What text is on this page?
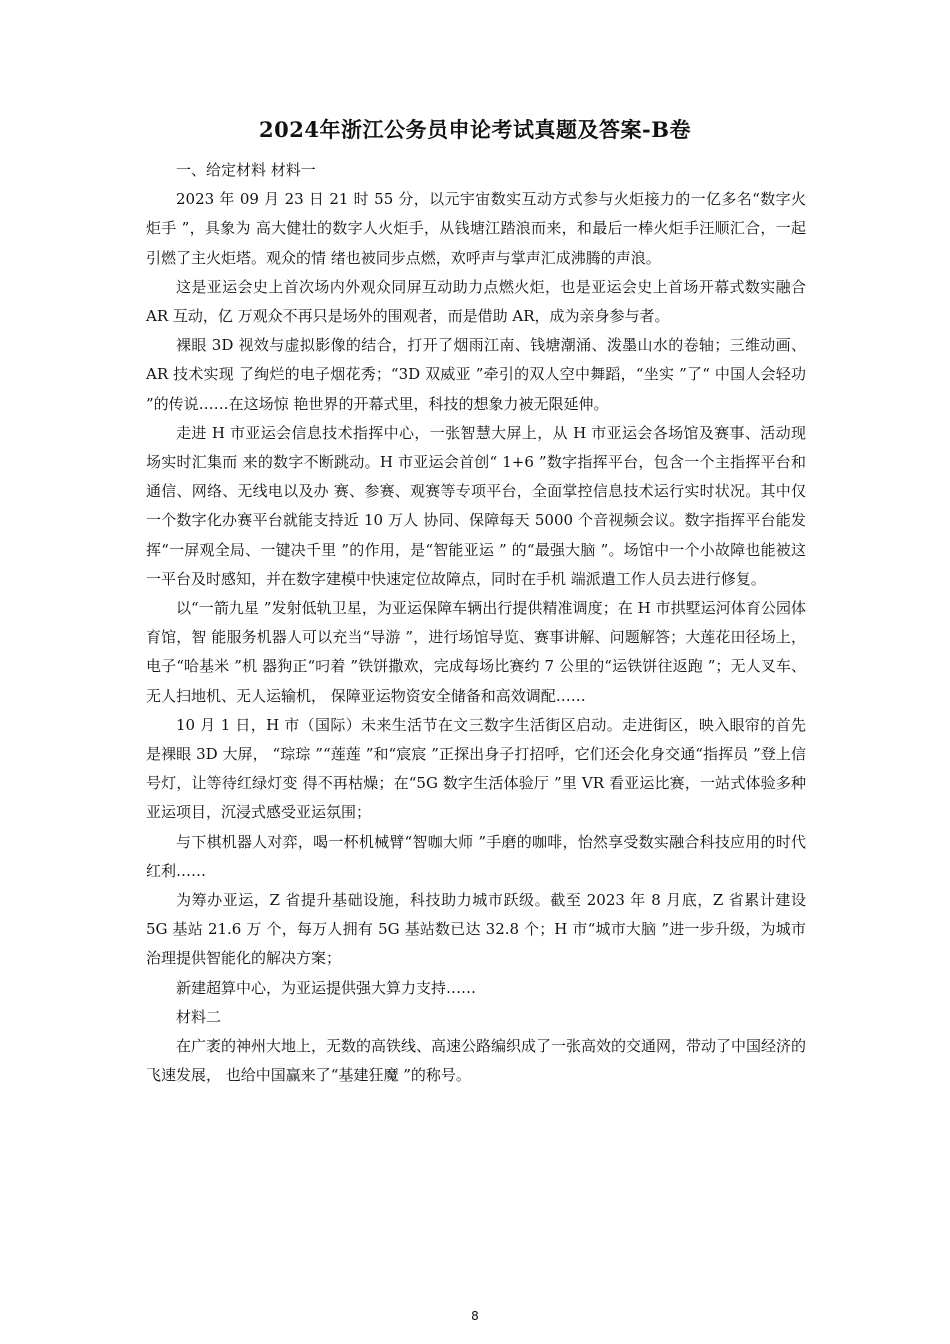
2024年浙江公务员申论考试真题及答案-B卷

一、给定材料 材料一

2023 年 09 月 23 日 21 时 55 分，以元宇宙数实互动方式参与火炬接力的一亿多名“数字火炬手 ”，具象为 高大健壮的数字人火炬手，从钱塘江踏浪而来，和最后一棒火炬手汪顺汇合，一起引燃了主火炬塔。观众的情 绪也被同步点燃，欢呼声与掌声汇成沸腾的声浪。

这是亚运会史上首次场内外观众同屏互动助力点燃火炬，也是亚运会史上首场开幕式数实融合 AR 互动，亿 万观众不再只是场外的围观者，而是借助 AR，成为亲身参与者。

裸眼 3D 视效与虚拟影像的结合，打开了烟雨江南、钱塘潮涌、泼墨山水的卷轴；三维动画、AR 技术实现 了绚烂的电子烟花秀；“3D 双威亚 ”牵引的双人空中舞蹈，“坐实 ”了“ 中国人会轻功 ”的传说……在这场惊 艳世界的开幕式里，科技的想象力被无限延伸。

走进 H 市亚运会信息技术指挥中心，一张智慧大屏上，从 H 市亚运会各场馆及赛事、活动现场实时汇集而 来的数字不断跳动。H 市亚运会首创“ 1+6 ”数字指挥平台，包含一个主指挥平台和通信、网络、无线电以及办 赛、参赛、观赛等专项平台，全面掌控信息技术运行实时状况。其中仅一个数字化办赛平台就能支持近 10 万人 协同、保障每天 5000 个音视频会议。数字指挥平台能发挥“一屏观全局、一键决千里 ”的作用，是“智能亚运 ” 的“最强大脑 ”。场馆中一个小故障也能被这一平台及时感知，并在数字建模中快速定位故障点，同时在手机 端派遣工作人员去进行修复。

以“一箭九星 ”发射低轨卫星，为亚运保障车辆出行提供精准调度；在 H 市拱墅运河体育公园体育馆，智 能服务机器人可以充当“导游 ”，进行场馆导览、赛事讲解、问题解答；大莲花田径场上， 电子“哈基米 ”机 器狗正“叼着 ”铁饼撒欢，完成每场比赛约 7 公里的“运铁饼往返跑 ”；无人叉车、无人扫地机、无人运输机， 保障亚运物资安全储备和高效调配……

10 月 1 日，H 市（国际）未来生活节在文三数字生活街区启动。走进街区，映入眼帘的首先是裸眼 3D 大屏， “琮琮 ”“莲莲 ”和“宸宸 ”正探出身子打招呼，它们还会化身交通“指挥员 ”登上信号灯，让等待红绿灯变 得不再枯燥；在“5G 数字生活体验厅 ”里 VR 看亚运比赛，一站式体验多种亚运项目，沉浸式感受亚运氛围；

与下棋机器人对弈，喝一杯机械臂“智咖大师 ”手磨的咖啡，怡然享受数实融合科技应用的时代红利……

为筹办亚运，Z 省提升基础设施，科技助力城市跃级。截至 2023 年 8 月底，Z 省累计建设 5G 基站 21.6 万 个，每万人拥有 5G 基站数已达 32.8 个；H 市“城市大脑 ”进一步升级，为城市治理提供智能化的解决方案；

新建超算中心，为亚运提供强大算力支持……

材料二

在广袤的神州大地上，无数的高铁线、高速公路编织成了一张高效的交通网，带动了中国经济的飞速发展， 也给中国赢来了“基建狂魔 ”的称号。

8
